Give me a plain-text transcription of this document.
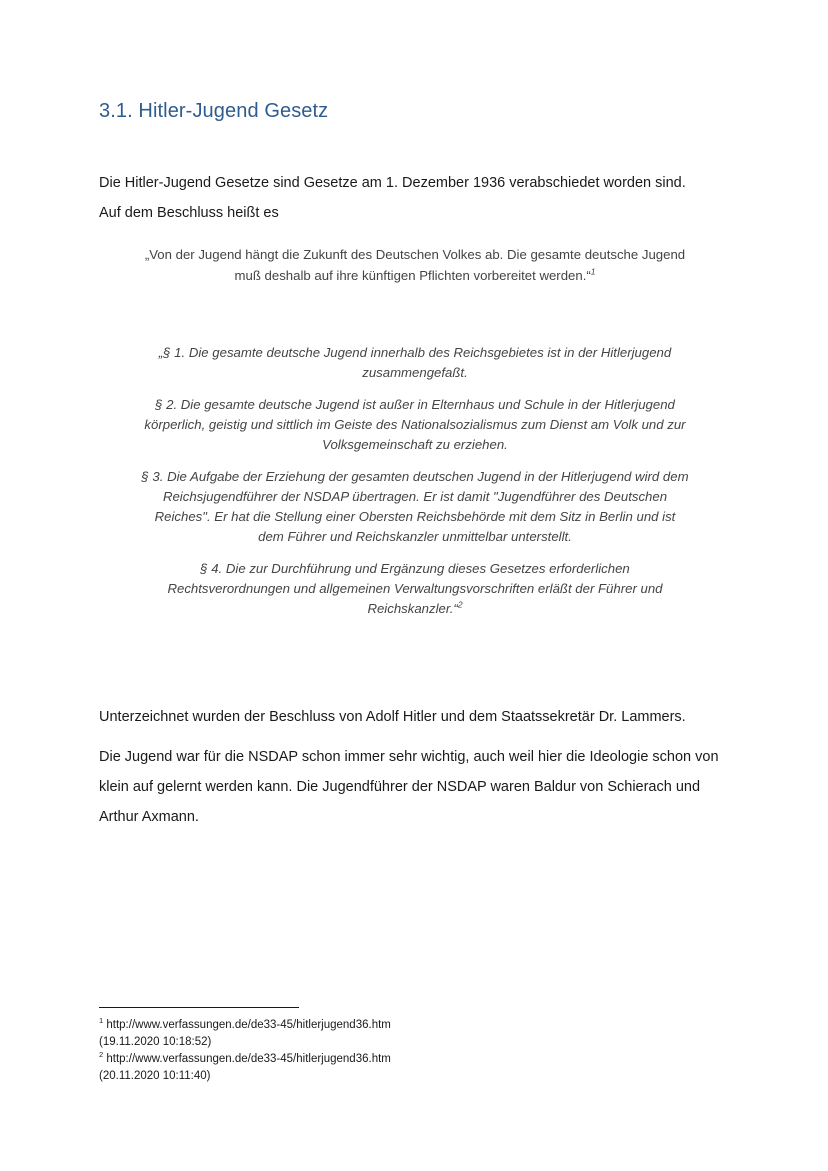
3.1. Hitler-Jugend Gesetz
Die Hitler-Jugend Gesetze sind Gesetze am 1. Dezember 1936 verabschiedet worden sind.
Auf dem Beschluss heißt es

„Von der Jugend hängt die Zukunft des Deutschen Volkes ab. Die gesamte deutsche Jugend muß deshalb auf ihre künftigen Pflichten vorbereitet werden.“$^1$

„§ 1. Die gesamte deutsche Jugend innerhalb des Reichsgebietes ist in der Hitlerjugend zusammengefaßt.

§ 2. Die gesamte deutsche Jugend ist außer in Elternhaus und Schule in der Hitlerjugend körperlich, geistig und sittlich im Geiste des Nationalsozialismus zum Dienst am Volk und zur Volksgemeinschaft zu erziehen.

§ 3. Die Aufgabe der Erziehung der gesamten deutschen Jugend in der Hitlerjugend wird dem Reichsjugendführer der NSDAP übertragen. Er ist damit "Jugendführer des Deutschen Reiches". Er hat die Stellung einer Obersten Reichsbehörde mit dem Sitz in Berlin und ist dem Führer und Reichskanzler unmittelbar unterstellt.

§ 4. Die zur Durchführung und Ergänzung dieses Gesetzes erforderlichen Rechtsverordnungen und allgemeinen Verwaltungsvorschriften erläßt der Führer und Reichskanzler.“$^2$

Unterzeichnet wurden der Beschluss von Adolf Hitler und dem Staatssekretär Dr. Lammers.

Die Jugend war für die NSDAP schon immer sehr wichtig, auch weil hier die Ideologie schon von klein auf gelernt werden kann. Die Jugendführer der NSDAP waren Baldur von Schierach und Arthur Axmann.

$^1$ http://www.verfassungen.de/de33-45/hitlerjugend36.htm
(19.11.2020 10:18:52)

$^2$ http://www.verfassungen.de/de33-45/hitlerjugend36.htm
(20.11.2020 10:11:40)
